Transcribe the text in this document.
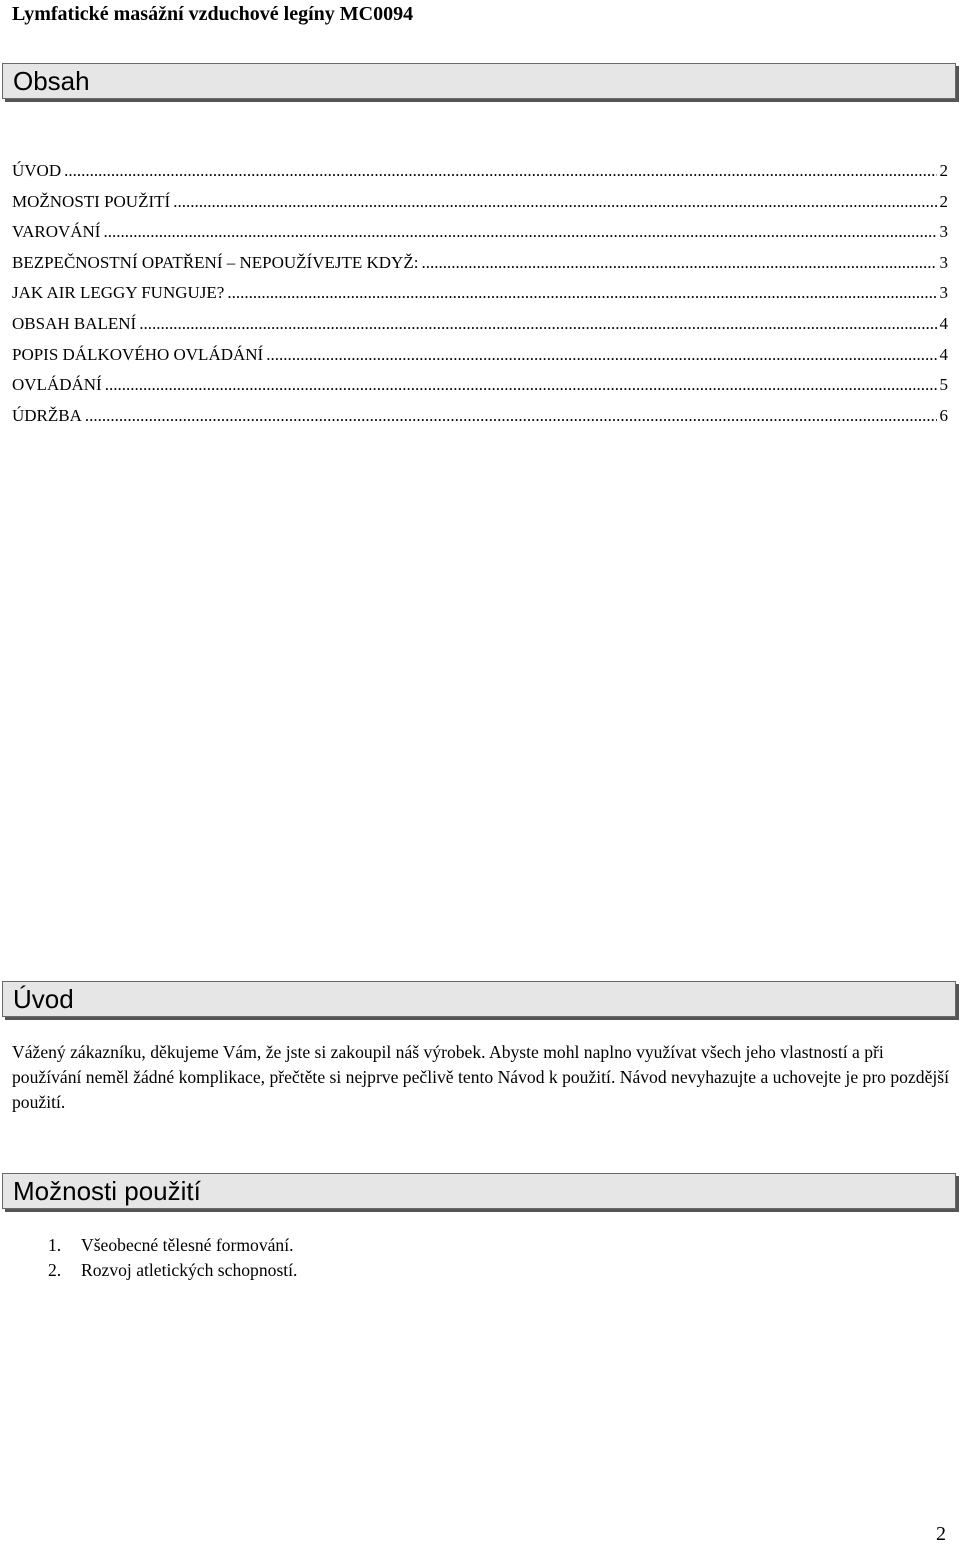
Lymfatické masážní vzduchové legíny MC0094
Obsah
ÚVOD .....	2
MOŽNOSTI POUŽITÍ .....	2
VAROVÁNÍ .....	3
BEZPEČNOSTNÍ OPATŘENÍ – NEPOUŽÍVEJTE KDYŽ: .....	3
JAK AIR LEGGY FUNGUJE? .....	3
OBSAH BALENÍ .....	4
POPIS DÁLKOVÉHO OVLÁDÁNÍ .....	4
OVLÁDÁNÍ .....	5
ÚDRŽBA .....	6
Úvod

Vážený zákazníku, děkujeme Vám, že jste si zakoupil náš výrobek. Abyste mohl naplno využívat všech jeho vlastností a při používání neměl žádné komplikace, přečtěte si nejprve pečlivě tento Návod k použití. Návod nevyhazujte a uchovejte je pro pozdější použití.

Možnosti použití
1.	Všeobecné tělesné formování.
2.	Rozvoj atletických schopností.
2
